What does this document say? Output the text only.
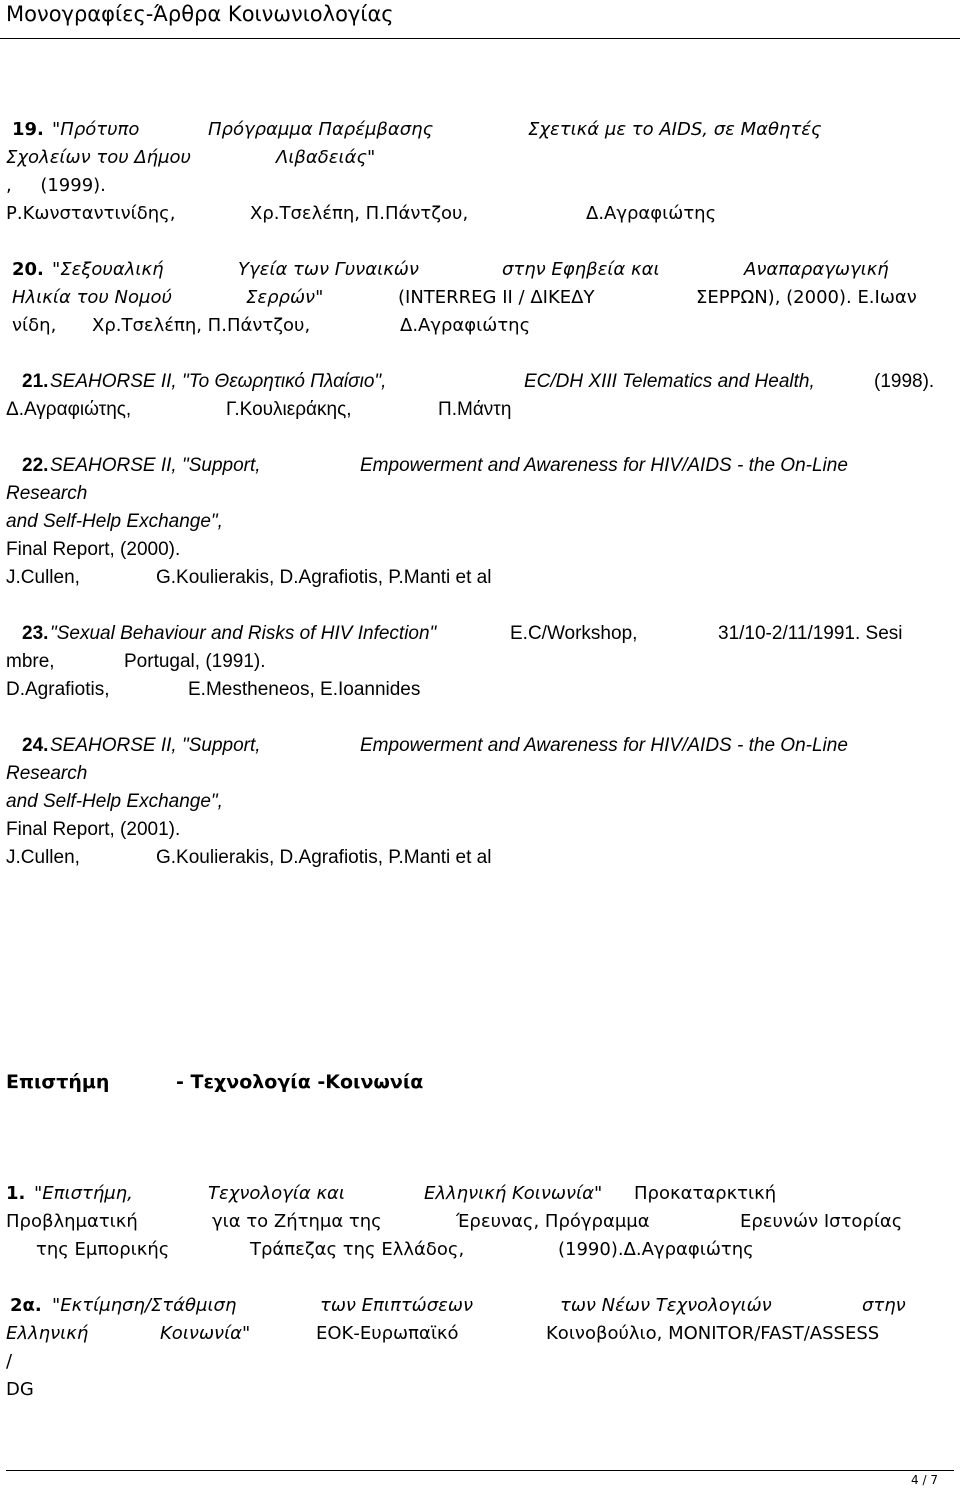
Μονογραφίες-Άρθρα Κοινωνιολογίας
19. "Πρότυπο	Πρόγραμμα Παρέμβασης	Σχετικά με το AIDS, σε Μαθητές
Σχολείων του Δήμου	Λιβαδειάς"
,     (1999).
Ρ.Κωνσταντινίδης,	Χρ.Τσελέπη, Π.Πάντζου,	Δ.Αγραφιώτης
20. "Σεξουαλική	Υγεία των Γυναικών	στην Εφηβεία και	Αναπαραγωγική
Ηλικία του Νομού	Σερρών"	(INTERREG II / ΔΙΚΕΔΥ	ΣΕΡΡΩΝ), (2000). Ε.Ιωαν
νίδη, Χρ.Τσελέπη, Π.Πάντζου,	Δ.Αγραφιώτης
21. SEAHORSE II, "Το Θεωρητικό Πλαίσιο",	EC/DH XIII Telematics and Health,	(1998).
Δ.Αγραφιώτης,	Γ.Κουλιεράκης,	Π.Μάντη
22. SEAHORSE II, "Support,	Empowerment and Awareness for HIV/AIDS - the On-Line
Research
and Self-Help Exchange",
Final Report, (2000).
J.Cullen,	G.Koulierakis, D.Agrafiotis, P.Manti et al
23. "Sexual Behaviour and Risks of HIV Infection"	E.C/Workshop,	31/10-2/11/1991. Sesi
mbre,	Portugal, (1991).
D.Agrafiotis,	E.Mestheneos, E.Ioannides
24. SEAHORSE II, "Support,	Empowerment and Awareness for HIV/AIDS - the On-Line
Research
and Self-Help Exchange",
Final Report, (2001).
J.Cullen,	G.Koulierakis, D.Agrafiotis, P.Manti et al
Επιστήμη	- Τεχνολογία -Κοινωνία
1. "Επιστήμη,	Τεχνολογία και	Ελληνική Κοινωνία" Προκαταρκτική
Προβληματική	για το Ζήτημα της	Έρευνας, Πρόγραμμα	Ερευνών Ιστορίας
της Εμπορικής	Τράπεζας της Ελλάδος,	(1990).Δ.Αγραφιώτης
2α. "Εκτίμηση/Στάθμιση	των Επιπτώσεων	των Νέων Τεχνολογιών	στην
Ελληνική	Κοινωνία"	ΕΟΚ-Ευρωπαϊκό	Κοινοβούλιο, MONITOR/FAST/ASSESS
/
DG
4 / 7
